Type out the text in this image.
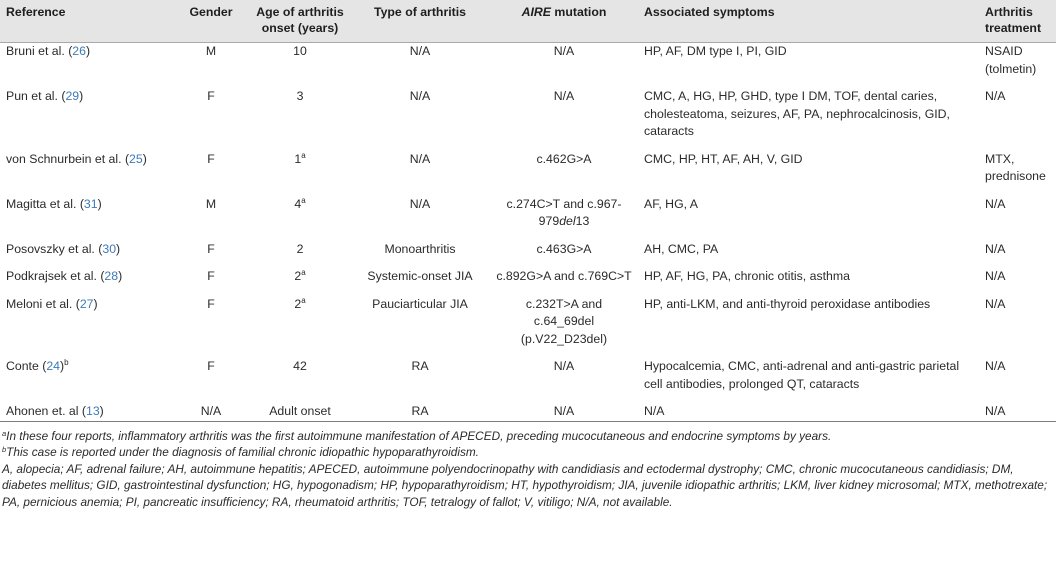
Reference	Gender	Age of arthritis onset (years)	Type of arthritis	AIRE mutation	Associated symptoms	Arthritis treatment
Bruni et al. (26)	M	10	N/A	N/A	HP, AF, DM type I, PI, GID	NSAID (tolmetin)
Pun et al. (29)	F	3	N/A	N/A	CMC, A, HG, HP, GHD, type I DM, TOF, dental caries, cholesteatoma, seizures, AF, PA, nephrocalcinosis, GID, cataracts	N/A
von Schnurbein et al. (25)	F	1$^a$	N/A	c.462G>A	CMC, HP, HT, AF, AH, V, GID	MTX, prednisone
Magitta et al. (31)	M	4$^a$	N/A	c.274C>T and c.967-979del13	AF, HG, A	N/A
Posovszky et al. (30)	F	2	Monoarthritis	c.463G>A	AH, CMC, PA	N/A
Podkrajsek et al. (28)	F	2$^a$	Systemic-onset JIA	c.892G>A and c.769C>T	HP, AF, HG, PA, chronic otitis, asthma	N/A
Meloni et al. (27)	F	2$^a$	Pauciarticular JIA	c.232T>A and c.64_69del (p.V22_D23del)	HP, anti-LKM, and anti-thyroid peroxidase antibodies	N/A
Conte $(24)^b$	F	42	RA	N/A	Hypocalcemia, CMC, anti-adrenal and anti-gastric parietal cell antibodies, prolonged QT, cataracts	N/A
Ahonen et. al (13)	N/A	Adult onset	RA	N/A	N/A	N/A

$^a$In these four reports, inflammatory arthritis was the first autoimmune manifestation of APECED, preceding mucocutaneous and endocrine symptoms by years.

$^b$This case is reported under the diagnosis of familial chronic idiopathic hypoparathyroidism.

A, alopecia; AF, adrenal failure; AH, autoimmune hepatitis; APECED, autoimmune polyendocrinopathy with candidiasis and ectodermal dystrophy; CMC, chronic mucocutaneous candidiasis; DM, diabetes mellitus; GID, gastrointestinal dysfunction; HG, hypogonadism; HP, hypoparathyroidism; HT, hypothyroidism; JIA, juvenile idiopathic arthritis; LKM, liver kidney microsomal; MTX, methotrexate; PA, pernicious anemia; PI, pancreatic insufficiency; RA, rheumatoid arthritis; TOF, tetralogy of fallot; V, vitiligo; N/A, not available.
